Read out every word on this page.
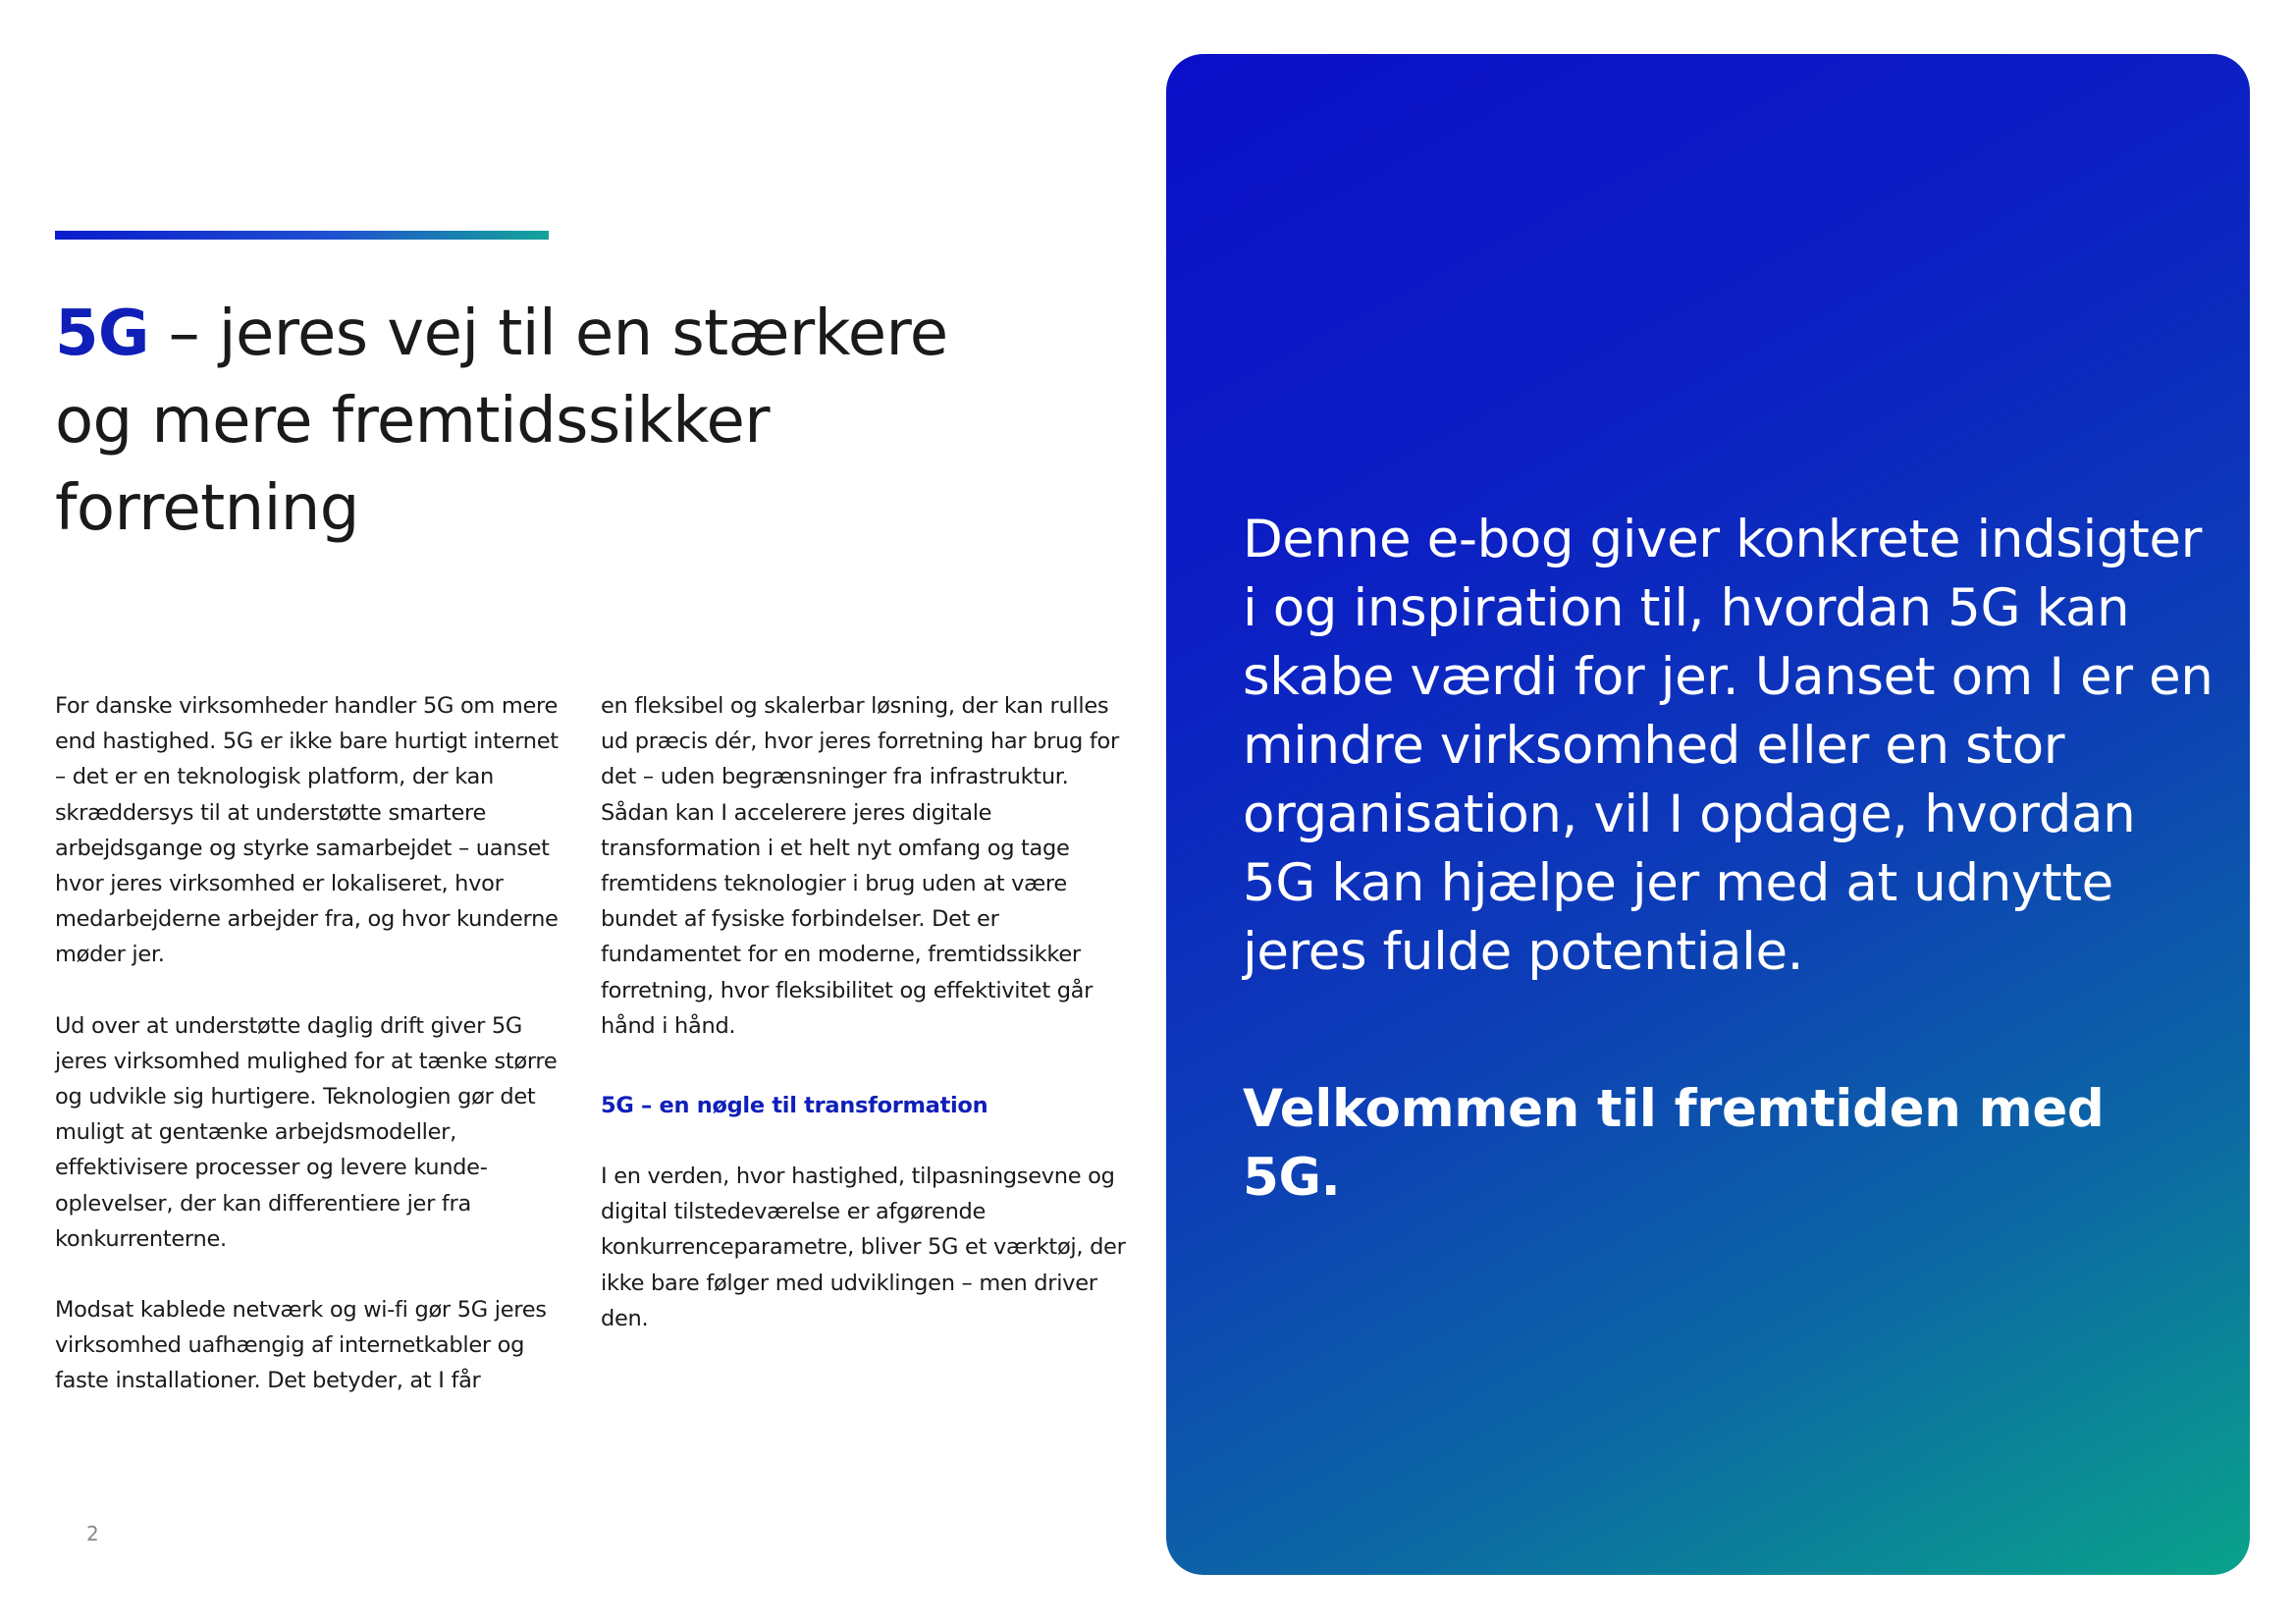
5G – jeres vej til en stærkere
og mere fremtidssikker
forretning

For danske virksomheder handler 5G om mere end hastighed. 5G er ikke bare hurtigt internet – det er en teknologisk platform, der kan skræddersys til at understøtte smartere arbejdsgange og styrke samarbejdet – uanset hvor jeres virksomhed er lokaliseret, hvor medarbejderne arbejder fra, og hvor kunderne møder jer.

Ud over at understøtte daglig drift giver 5G jeres virksomhed mulighed for at tænke større og udvikle sig hurtigere. Teknologien gør det muligt at gentænke arbejdsmodeller, effektivisere processer og levere kunde-oplevelser, der kan differentiere jer fra konkurrenterne.

Modsat kablede netværk og wi-fi gør 5G jeres virksomhed uafhængig af internetkabler og faste installationer. Det betyder, at I får

en fleksibel og skalerbar løsning, der kan rulles ud præcis dér, hvor jeres forretning har brug for det – uden begrænsninger fra infrastruktur. Sådan kan I accelerere jeres digitale transformation i et helt nyt omfang og tage fremtidens teknologier i brug uden at være bundet af fysiske forbindelser. Det er fundamentet for en moderne, fremtidssikker forretning, hvor fleksibilitet og effektivitet går hånd i hånd.

5G – en nøgle til transformation

I en verden, hvor hastighed, tilpasningsevne og digital tilstedeværelse er afgørende konkurrenceparametre, bliver 5G et værktøj, der ikke bare følger med udviklingen – men driver den.

2

Denne e-bog giver konkrete indsigter i og inspiration til, hvordan 5G kan skabe værdi for jer. Uanset om I er en mindre virksomhed eller en stor organisation, vil I opdage, hvordan 5G kan hjælpe jer med at udnytte jeres fulde potentiale.

Velkommen til fremtiden med 5G.
